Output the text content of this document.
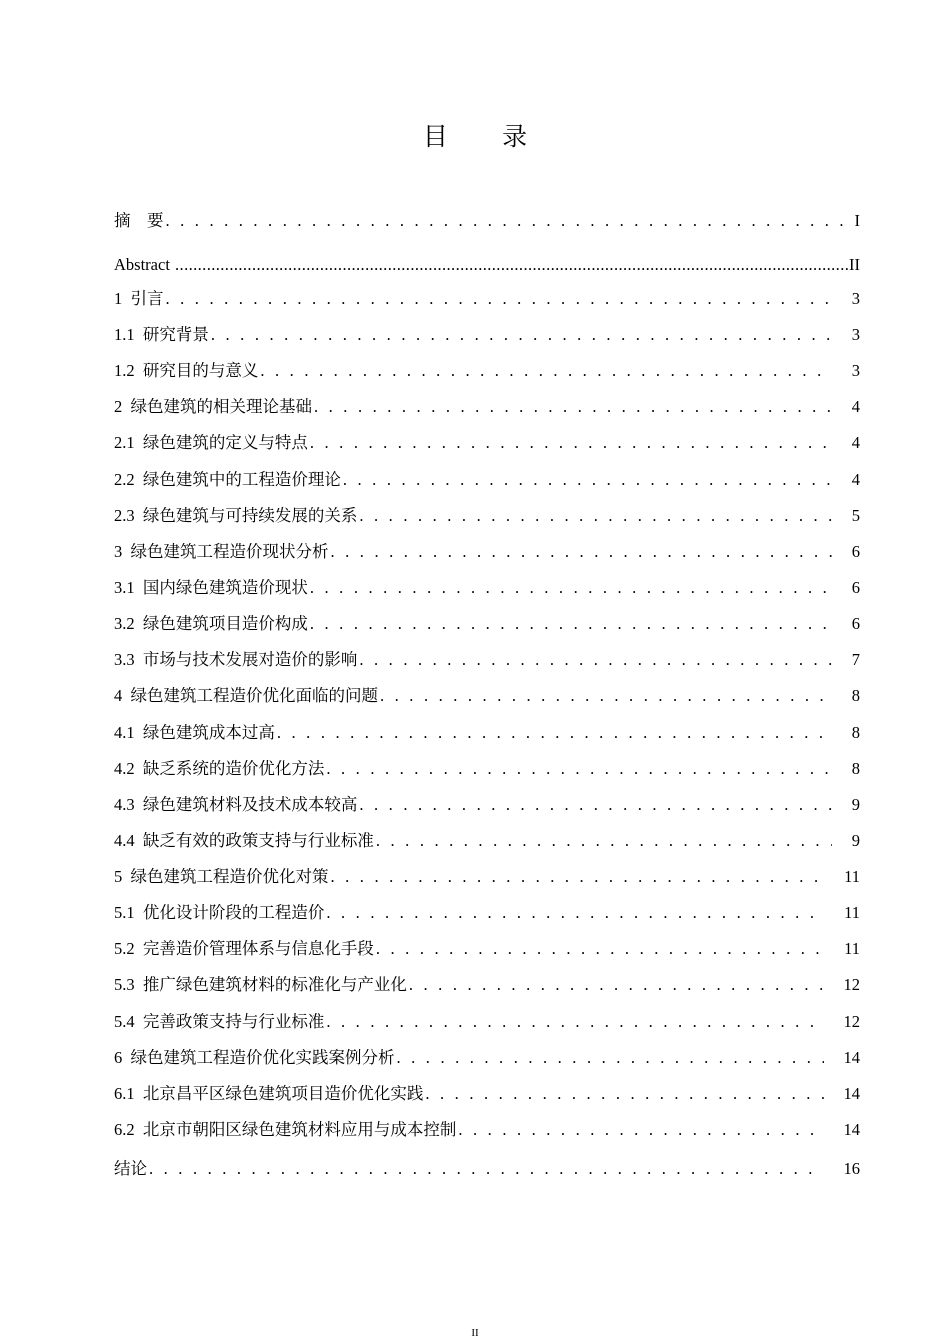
目 录
摘    要 . . .	I
Abstract .....	II
1  引言 . . .	3
1.1  研究背景 . . .	3
1.2  研究目的与意义 . . .	3
2  绿色建筑的相关理论基础 . . .	4
2.1  绿色建筑的定义与特点 . . .	4
2.2  绿色建筑中的工程造价理论 . . .	4
2.3  绿色建筑与可持续发展的关系 . . .	5
3  绿色建筑工程造价现状分析 . . .	6
3.1  国内绿色建筑造价现状 . . .	6
3.2  绿色建筑项目造价构成 . . .	6
3.3  市场与技术发展对造价的影响 . . .	7
4  绿色建筑工程造价优化面临的问题 . . .	8
4.1  绿色建筑成本过高 . . .	8
4.2  缺乏系统的造价优化方法 . . .	8
4.3  绿色建筑材料及技术成本较高 . . .	9
4.4  缺乏有效的政策支持与行业标准 . . .	9
5  绿色建筑工程造价优化对策 . . .	11
5.1  优化设计阶段的工程造价 . . .	11
5.2  完善造价管理体系与信息化手段 . . .	11
5.3  推广绿色建筑材料的标准化与产业化 . . .	12
5.4  完善政策支持与行业标准 . . .	12
6  绿色建筑工程造价优化实践案例分析 . . .	14
6.1  北京昌平区绿色建筑项目造价优化实践 . . .	14
6.2  北京市朝阳区绿色建筑材料应用与成本控制 . . .	14
结论 . . .	16
II
